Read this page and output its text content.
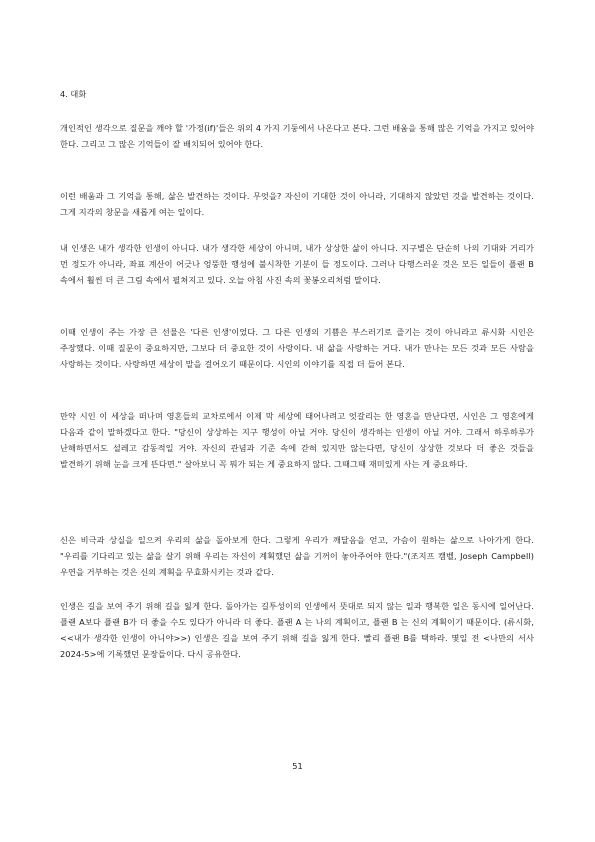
4. 대화
개인적인 생각으로 질문을 깨야 할 '가정(if)'들은 위의 4 가지 기둥에서 나온다고 본다. 그런 배움을 통해 많은 기억을 가지고 있어야 한다. 그리고 그 많은 기억들이 잘 배치되어 있어야 한다.
이런 배움과 그 기억을 통해, 삶은 발견하는 것이다. 무엇을? 자신이 기대한 것이 아니라, 기대하지 않았던 것을 발견하는 것이다. 그게 지각의 창문을 새롭게 여는 일이다.
내 인생은 내가 생각한 인생이 아니다. 내가 생각한 세상이 아니며, 내가 상상한 삶이 아니다. 지구별은 단순히 나의 기대와 거리가 먼 정도가 아니라, 좌표 계산이 어긋나 엉뚱한 행성에 불시착한 기분이 들 정도이다. 그러나 다행스러운 것은 모든 일들이 플랜 B 속에서 훨씬 더 큰 그림 속에서 펼쳐지고 있다. 오늘 아침 사진 속의 꽃봉오리처럼 말이다.
이때 인생이 주는 가장 큰 선물은 '다른 인생'이었다. 그 다른 인생의 기쁨은 부스러기로 즐기는 것이 아니라고 류시화 시인은 주장했다. 이때 질문이 중요하지만, 그보다 더 중요한 것이 사랑이다. 내 삶을 사랑하는 거다. 내가 만나는 모든 것과 모든 사람을 사랑하는 것이다. 사랑하면 세상이 말을 걸어오기 때문이다. 시인의 이야기를 직접 더 들어 본다.
만약 시인 이 세상을 떠나며 영혼들의 교차로에서 이제 막 세상에 태어나려고 엇갈리는 한 영혼을 만난다면, 시인은 그 영혼에게 다음과 같이 말하겠다고 한다. "당신이 상상하는 지구 행성이 아닐 거야. 당신이 생각하는 인생이 아닐 거야. 그래서 하루하루가 난해하면서도 설레고 감동적일 거야. 자신의 관념과 기준 속에 갇혀 있지만 않는다면, 당신이 상상한 것보다 더 좋은 것들을 발견하기 위해 눈을 크게 뜬다면." 살아보니 꼭 뭐가 되는 게 중요하지 않다. 그때그때 재미있게 사는 게 중요하다.
신은 비극과 상실을 일으켜 우리의 삶을 돌아보게 한다. 그렇게 우리가 깨달음을 얻고, 가슴이 원하는 삶으로 나아가게 한다. "우리를 기다리고 있는 삶을 살기 위해 우리는 자신이 계획했던 삶을 기꺼이 놓아주어야 한다."(조지프 캠벨, Joseph Campbell) 우연을 거부하는 것은 신의 계획을 무효화시키는 것과 같다.
인생은 길을 보여 주기 위해 길을 잃게 한다. 돌아가는 길투성이의 인생에서 뜻대로 되지 않는 일과 행복한 일은 동시에 일어난다. 플랜 A보다 플랜 B가 더 좋을 수도 있다가 아니라 더 좋다. 플랜 A 는 나의 계획이고, 플랜 B 는 신의 계획이기 때문이다. (류시화, <<내가 생각한 인생이 아니야>>) 인생은 길을 보여 주기 위해 길을 잃게 한다. 빨리 플랜 B를 택하라. 몇일 전 <나만의 서사 2024-5>에 기록했던 문장들이다. 다시 공유한다.
51
